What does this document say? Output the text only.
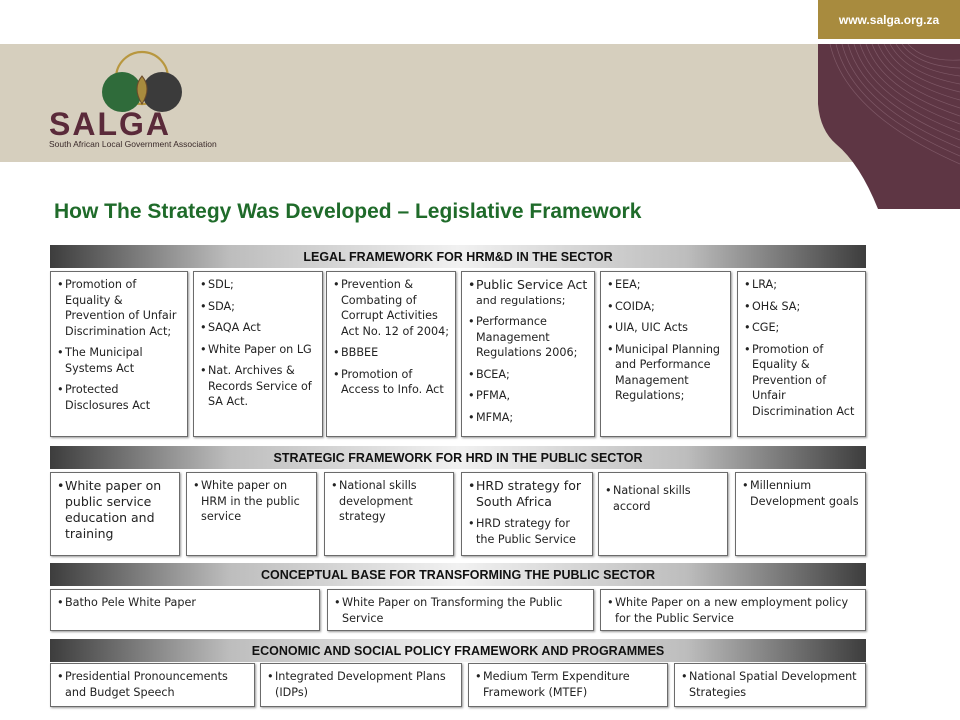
www.salga.org.za
SALGA
South African Local Government Association
How The Strategy Was Developed – Legislative Framework
LEGAL FRAMEWORK FOR HRM&D IN THE SECTOR
• Promotion of Equality & Prevention of Unfair Discrimination Act;
• The Municipal Systems Act
• Protected Disclosures Act
• SDL;
• SDA;
• SAQA Act
• White Paper on LG
• Nat. Archives & Records Service of SA Act.
• Prevention & Combating of Corrupt Activities Act No. 12 of 2004;
• BBBEE
• Promotion of Access to Info. Act
• Public Service Act
and regulations;
• Performance Management Regulations 2006;
• BCEA;
• PFMA,
• MFMA;
• EEA;
• COIDA;
• UIA, UIC Acts
• Municipal Planning and Performance Management Regulations;
• LRA;
• OH& SA;
• CGE;
• Promotion of Equality & Prevention of Unfair Discrimination Act
STRATEGIC FRAMEWORK FOR HRD IN THE PUBLIC SECTOR
• White paper on public service education and training
• White paper on HRM in the public service
• National skills development strategy
• HRD strategy for South Africa
• HRD strategy for the Public Service
• National skills accord
• Millennium Development goals
CONCEPTUAL BASE FOR TRANSFORMING THE PUBLIC SECTOR
• Batho Pele White Paper
•	White Paper on Transforming the Public Service
• White Paper on a new employment policy for the Public Service
ECONOMIC AND SOCIAL POLICY FRAMEWORK AND PROGRAMMES
• Presidential Pronouncements and Budget Speech
• Integrated Development Plans (IDPs)
• Medium Term Expenditure Framework (MTEF)
• National Spatial Development Strategies
